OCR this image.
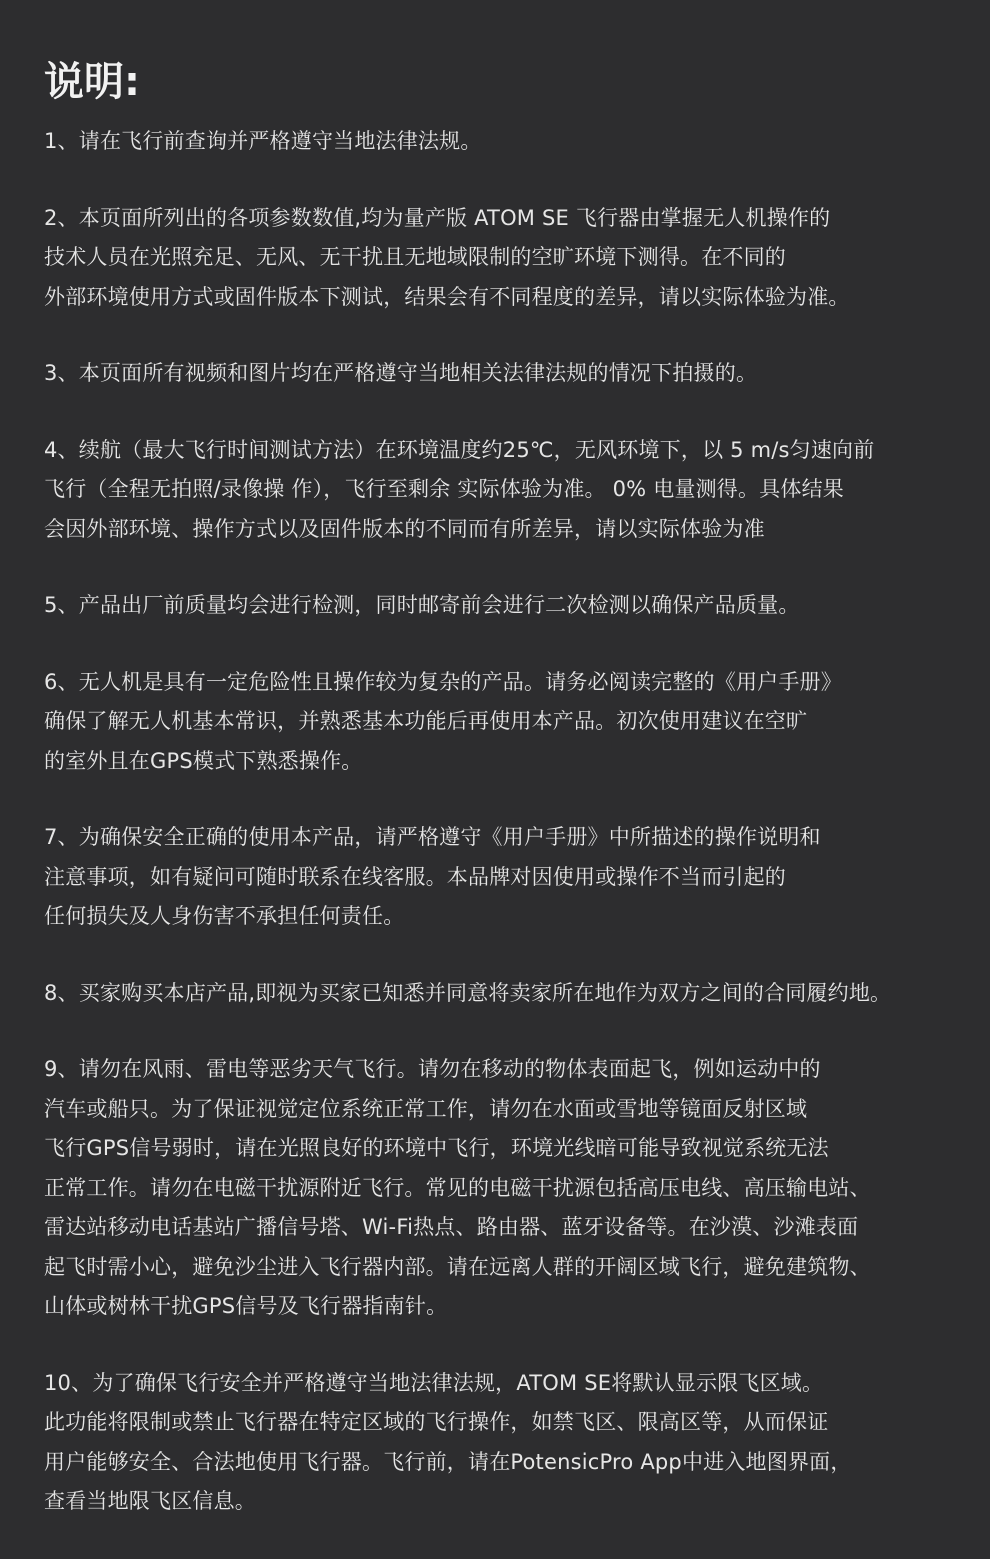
说明:
1、请在飞行前查询并严格遵守当地法律法规。
2、本页面所列出的各项参数数值,均为量产版 ATOM SE 飞行器由掌握无人机操作的
技术人员在光照充足、无风、无干扰且无地域限制的空旷环境下测得。在不同的
外部环境使用方式或固件版本下测试，结果会有不同程度的差异，请以实际体验为准。
3、本页面所有视频和图片均在严格遵守当地相关法律法规的情况下拍摄的。
4、续航（最大飞行时间测试方法）在环境温度约25℃，无风环境下，以 5 m/s匀速向前
飞行（全程无拍照/录像操 作），飞行至剩余 实际体验为准。 0% 电量测得。具体结果
会因外部环境、操作方式以及固件版本的不同而有所差异，请以实际体验为准
5、产品出厂前质量均会进行检测，同时邮寄前会进行二次检测以确保产品质量。
6、无人机是具有一定危险性且操作较为复杂的产品。请务必阅读完整的《用户手册》
确保了解无人机基本常识，并熟悉基本功能后再使用本产品。初次使用建议在空旷
的室外且在GPS模式下熟悉操作。
7、为确保安全正确的使用本产品，请严格遵守《用户手册》中所描述的操作说明和
注意事项，如有疑问可随时联系在线客服。本品牌对因使用或操作不当而引起的
任何损失及人身伤害不承担任何责任。
8、买家购买本店产品,即视为买家已知悉并同意将卖家所在地作为双方之间的合同履约地。
9、请勿在风雨、雷电等恶劣天气飞行。请勿在移动的物体表面起飞，例如运动中的
汽车或船只。为了保证视觉定位系统正常工作，请勿在水面或雪地等镜面反射区域
飞行GPS信号弱时，请在光照良好的环境中飞行，环境光线暗可能导致视觉系统无法
正常工作。请勿在电磁干扰源附近飞行。常见的电磁干扰源包括高压电线、高压输电站、
雷达站移动电话基站广播信号塔、Wi-Fi热点、路由器、蓝牙设备等。在沙漠、沙滩表面
起飞时需小心，避免沙尘进入飞行器内部。请在远离人群的开阔区域飞行，避免建筑物、
山体或树林干扰GPS信号及飞行器指南针。
10、为了确保飞行安全并严格遵守当地法律法规，ATOM SE将默认显示限飞区域。
此功能将限制或禁止飞行器在特定区域的飞行操作，如禁飞区、限高区等，从而保证
用户能够安全、合法地使用飞行器。飞行前，请在PotensicPro App中进入地图界面，
查看当地限飞区信息。
